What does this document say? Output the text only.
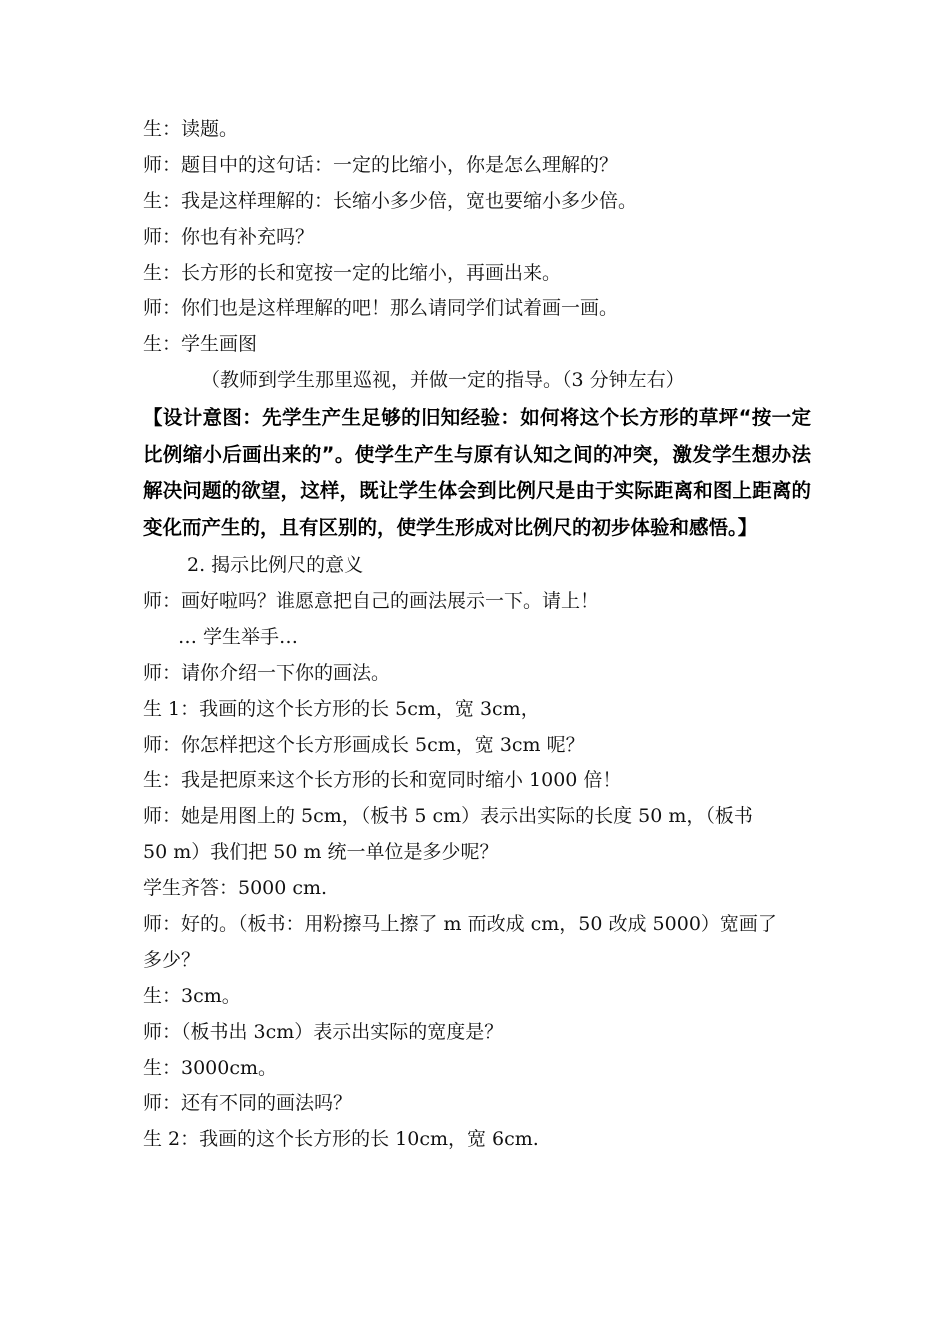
生：读题。
师：题目中的这句话：一定的比缩小，你是怎么理解的？
生：我是这样理解的：长缩小多少倍，宽也要缩小多少倍。
师：你也有补充吗？
生：长方形的长和宽按一定的比缩小，再画出来。
师：你们也是这样理解的吧！那么请同学们试着画一画。
生：学生画图
（教师到学生那里巡视，并做一定的指导。（3 分钟左右）
【设计意图：先学生产生足够的旧知经验：如何将这个长方形的草坪“按一定比例缩小后画出来的”。使学生产生与原有认知之间的冲突，激发学生想办法解决问题的欲望，这样，既让学生体会到比例尺是由于实际距离和图上距离的变化而产生的，且有区别的，使学生形成对比例尺的初步体验和感悟。】
2. 揭示比例尺的意义
师：画好啦吗？谁愿意把自己的画法展示一下。请上！
… 学生举手…
师：请你介绍一下你的画法。
生 1：我画的这个长方形的长 5cm，宽 3cm，
师：你怎样把这个长方形画成长 5cm，宽 3cm 呢？
生：我是把原来这个长方形的长和宽同时缩小 1000 倍！
师：她是用图上的 5cm，（板书 5 cm）表示出实际的长度 50 m，（板书
50 m）我们把 50 m 统一单位是多少呢？
学生齐答：5000 cm.
师：好的。（板书：用粉擦马上擦了 m 而改成 cm，50 改成 5000）宽画了
多少？
生：3cm。
师：（板书出 3cm）表示出实际的宽度是？
生：3000cm。
师：还有不同的画法吗？
生 2：我画的这个长方形的长 10cm，宽 6cm.
